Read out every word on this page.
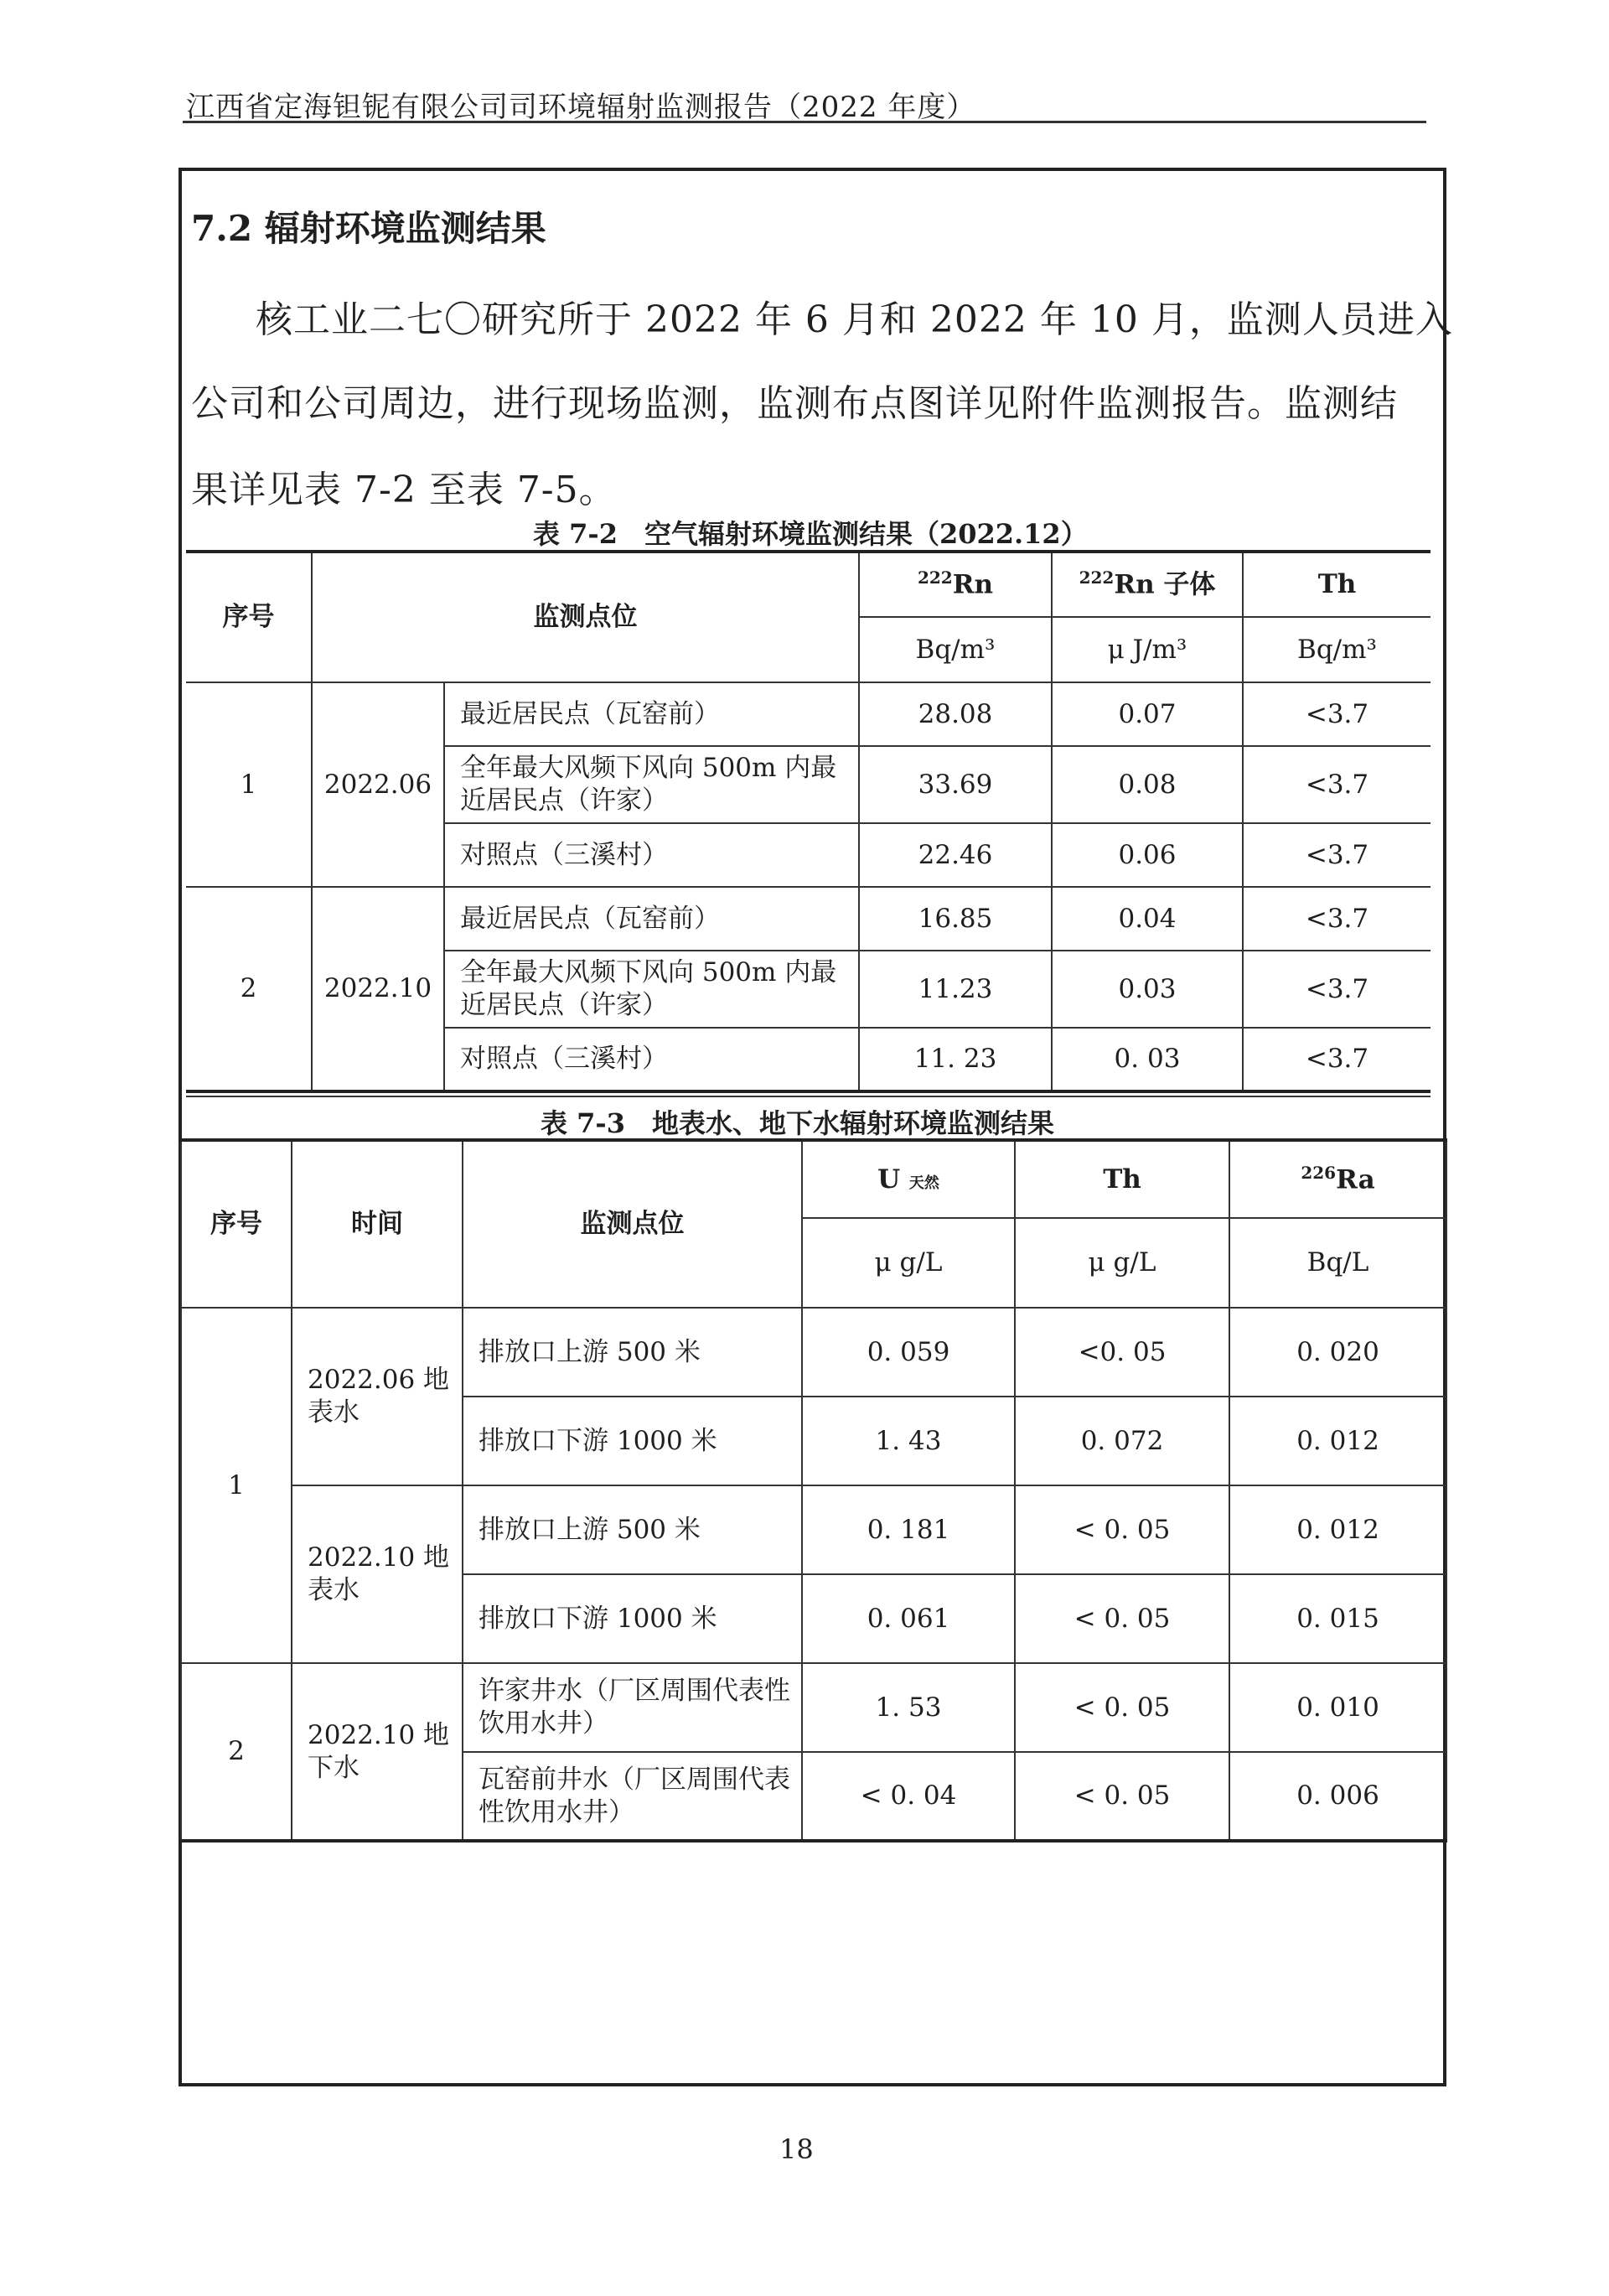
江西省定海钽铌有限公司司环境辐射监测报告（2022 年度）
7.2 辐射环境监测结果
核工业二七〇研究所于 2022 年 6 月和 2022 年 10 月，监测人员进入
公司和公司周边，进行现场监测，监测布点图详见附件监测报告。监测结
果详见表 7-2 至表 7-5。
表 7-2　空气辐射环境监测结果（2022.12）
序号	监测点位		$^{222}$Rn	$^{222}$Rn 子体	Th
			Bq/m³	μ J/m³	Bq/m³
1	2022.06	最近居民点（瓦窑前）	28.08	0.07	<3.7
		全年最大风频下风向 500m 内最近居民点（许家）	33.69	0.08	<3.7
		对照点（三溪村）	22.46	0.06	<3.7
2	2022.10	最近居民点（瓦窑前）	16.85	0.04	<3.7
		全年最大风频下风向 500m 内最近居民点（许家）	11.23	0.03	<3.7
		对照点（三溪村）	11. 23	0. 03	<3.7
表 7-3　地表水、地下水辐射环境监测结果
序号	时间	监测点位	U 天然	Th	$^{226}$Ra
			μ g/L	μ g/L	Bq/L
1	2022.06 地表水	排放口上游 500 米	0. 059	<0. 05	0. 020
		排放口下游 1000 米	1. 43	0. 072	0. 012
	2022.10 地表水	排放口上游 500 米	0. 181	< 0. 05	0. 012
		排放口下游 1000 米	0. 061	< 0. 05	0. 015
2	2022.10 地下水	许家井水（厂区周围代表性饮用水井）	1. 53	< 0. 05	0. 010
		瓦窑前井水（厂区周围代表性饮用水井）	< 0. 04	< 0. 05	0. 006
18
